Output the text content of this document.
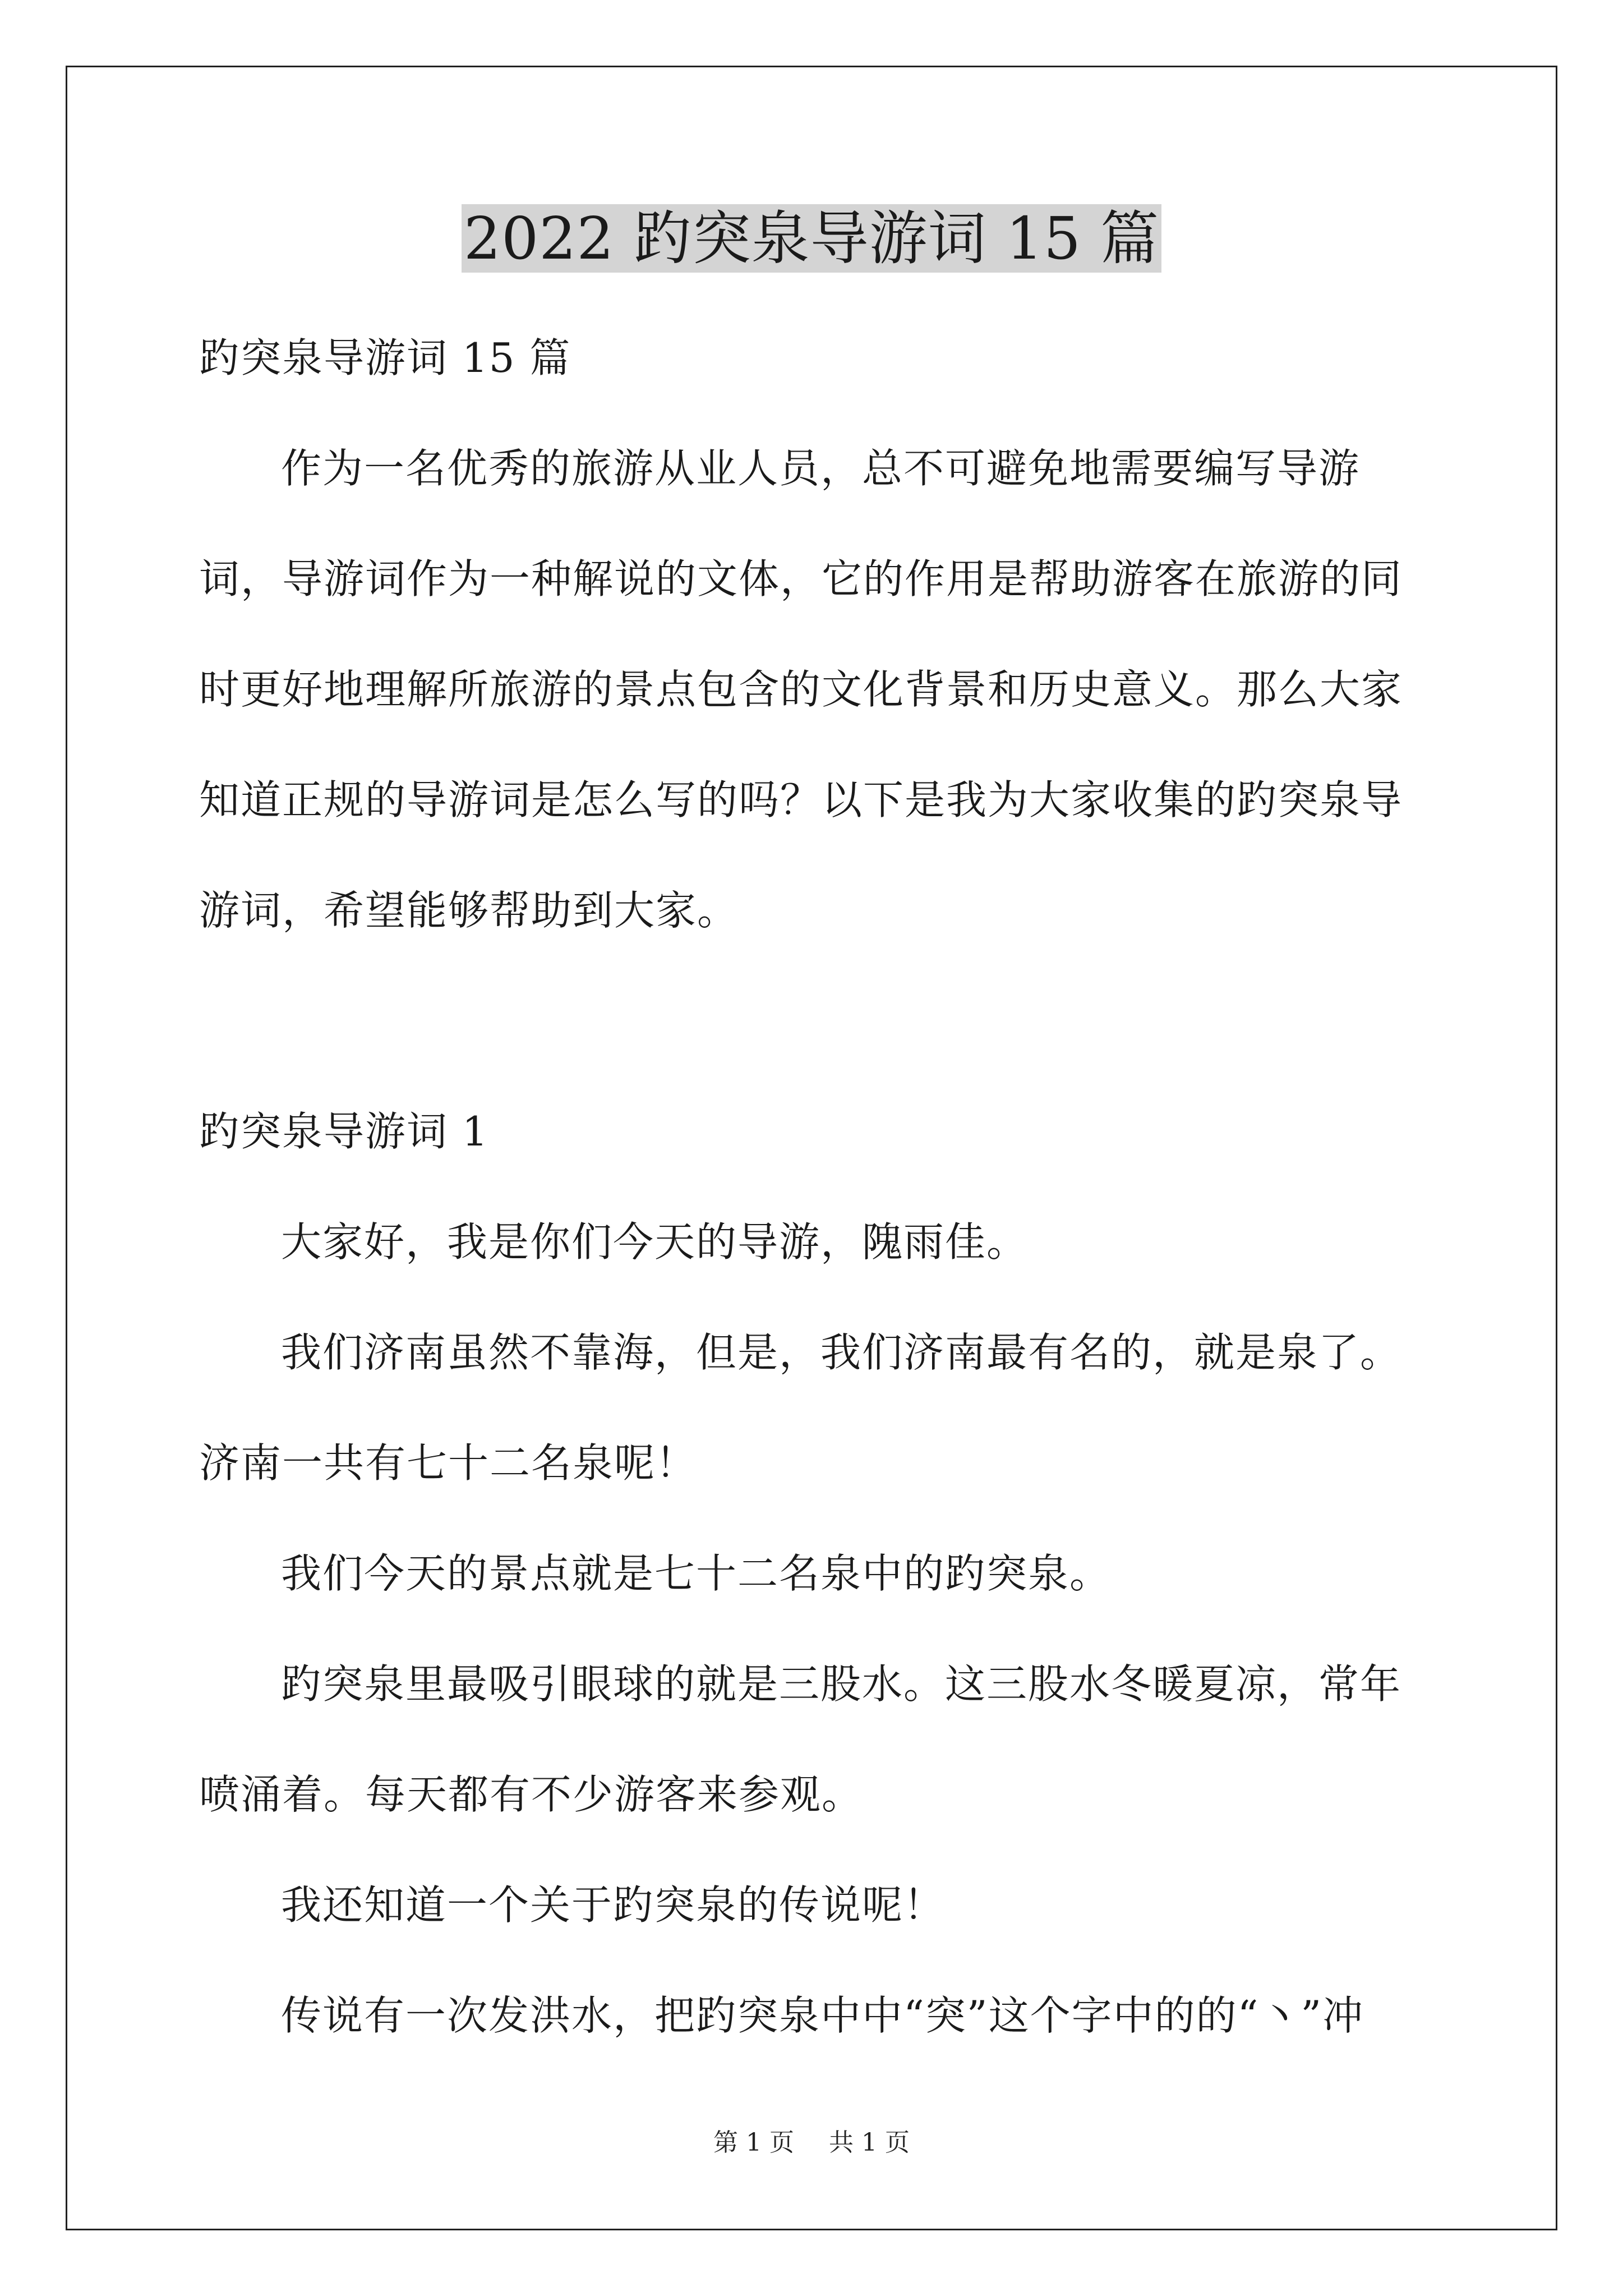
2022 趵突泉导游词 15 篇

趵突泉导游词 15 篇

作为一名优秀的旅游从业人员，总不可避免地需要编写导游词，导游词作为一种解说的文体，它的作用是帮助游客在旅游的同时更好地理解所旅游的景点包含的文化背景和历史意义。那么大家知道正规的导游词是怎么写的吗？以下是我为大家收集的趵突泉导游词，希望能够帮助到大家。

趵突泉导游词 1

大家好，我是你们今天的导游，隗雨佳。

我们济南虽然不靠海，但是，我们济南最有名的，就是泉了。济南一共有七十二名泉呢！

我们今天的景点就是七十二名泉中的趵突泉。

趵突泉里最吸引眼球的就是三股水。这三股水冬暖夏凉，常年喷涌着。每天都有不少游客来参观。

我还知道一个关于趵突泉的传说呢！

传说有一次发洪水，把趵突泉中中“突”这个字中的的“丶”冲

第 1 页 共 1 页
